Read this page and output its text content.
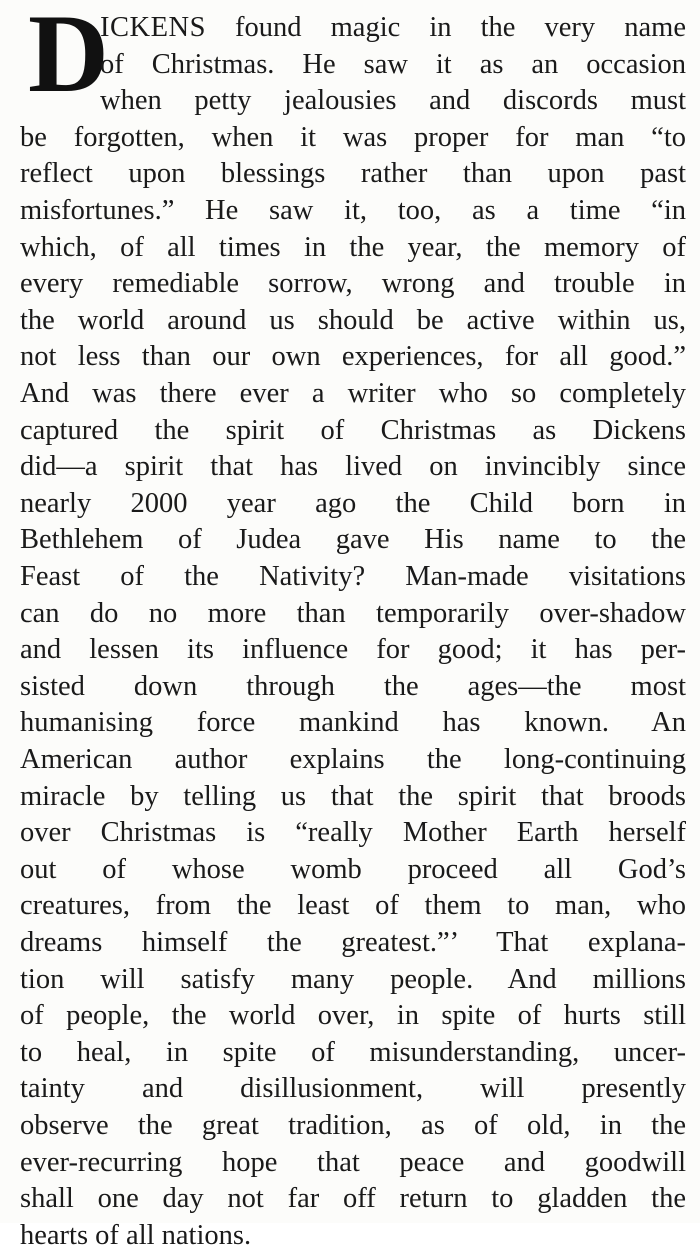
D
ICKENS found magic in the very name
of Christmas. He saw it as an occasion
when petty jealousies and discords must
be forgotten, when it was proper for man “to
reflect upon blessings rather than upon past
misfortunes.” He saw it, too, as a time “in
which, of all times in the year, the memory of
every remediable sorrow, wrong and trouble in
the world around us should be active within us,
not less than our own experiences, for all good.”
And was there ever a writer who so completely
captured the spirit of Christmas as Dickens
did—a spirit that has lived on invincibly since
nearly 2000 year ago the Child born in
Bethlehem of Judea gave His name to the
Feast of the Nativity? Man-made visitations
can do no more than temporarily over-shadow
and lessen its influence for good; it has per-
sisted down through the ages—the most
humanising force mankind has known. An
American author explains the long-continuing
miracle by telling us that the spirit that broods
over Christmas is “really Mother Earth herself
out of whose womb proceed all God’s
creatures, from the least of them to man, who
dreams himself the greatest.”’ That explana-
tion will satisfy many people. And millions
of people, the world over, in spite of hurts still
to heal, in spite of misunderstanding, uncer-
tainty and disillusionment, will presently
observe the great tradition, as of old, in the
ever-recurring hope that peace and goodwill
shall one day not far off return to gladden the
hearts of all nations.
